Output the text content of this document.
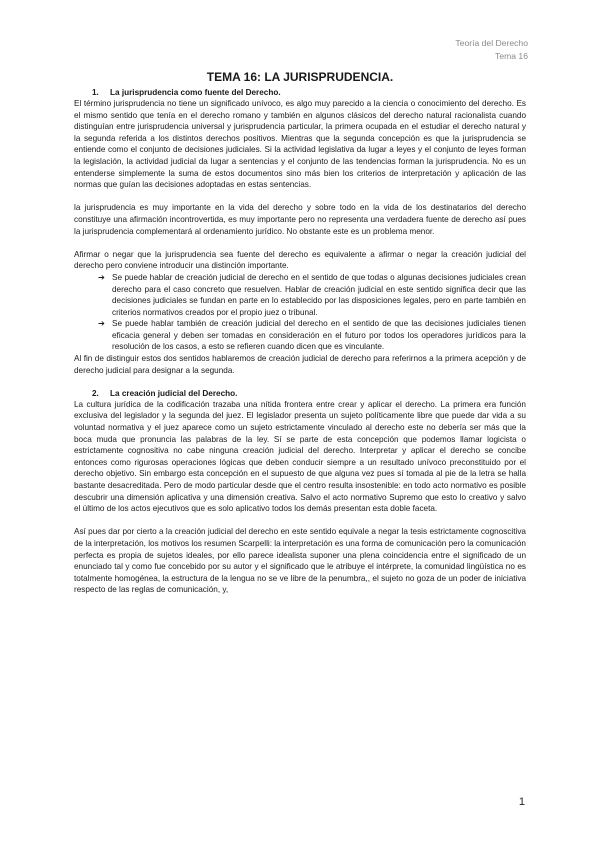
Teoría del Derecho
Tema 16
TEMA 16: LA JURISPRUDENCIA.
1. La jurisprudencia como fuente del Derecho.

El término jurisprudencia no tiene un significado unívoco, es algo muy parecido a la ciencia o conocimiento del derecho. Es el mismo sentido que tenía en el derecho romano y también en algunos clásicos del derecho natural racionalista cuando distinguían entre jurisprudencia universal y jurisprudencia particular, la primera ocupada en el estudiar el derecho natural y la segunda referida a los distintos derechos positivos. Mientras que la segunda concepción es que la jurisprudencia se entiende como el conjunto de decisiones judiciales. Si la actividad legislativa da lugar a leyes y el conjunto de leyes forman la legislación, la actividad judicial da lugar a sentencias y el conjunto de las tendencias forman la jurisprudencia. No es un entenderse simplemente la suma de estos documentos sino más bien los criterios de interpretación y aplicación de las normas que guían las decisiones adoptadas en estas sentencias.

la jurisprudencia es muy importante en la vida del derecho y sobre todo en la vida de los destinatarios del derecho constituye una afirmación incontrovertida, es muy importante pero no representa una verdadera fuente de derecho así pues la jurisprudencia complementará al ordenamiento jurídico. No obstante este es un problema menor.

Afirmar o negar que la jurisprudencia sea fuente del derecho es equivalente a afirmar o negar la creación judicial del derecho pero conviene introducir una distinción importante.

➔ Se puede hablar de creación judicial de derecho en el sentido de que todas o algunas decisiones judiciales crean derecho para el caso concreto que resuelven. Hablar de creación judicial en este sentido significa decir que las decisiones judiciales se fundan en parte en lo establecido por las disposiciones legales, pero en parte también en criterios normativos creados por el propio juez o tribunal.
➔ Se puede hablar también de creación judicial del derecho en el sentido de que las decisiones judiciales tienen eficacia general y deben ser tomadas en consideración en el futuro por todos los operadores jurídicos para la resolución de los casos, a esto se refieren cuando dicen que es vinculante.

Al fin de distinguir estos dos sentidos hablaremos de creación judicial de derecho para referirnos a la primera acepción y de derecho judicial para designar a la segunda.

2. La creación judicial del Derecho.

La cultura jurídica de la codificación trazaba una nítida frontera entre crear y aplicar el derecho. La primera era función exclusiva del legislador y la segunda del juez. El legislador presenta un sujeto políticamente libre que puede dar vida a su voluntad normativa y el juez aparece como un sujeto estrictamente vinculado al derecho este no debería ser más que la boca muda que pronuncia las palabras de la ley. Sí se parte de esta concepción que podemos llamar logicista o estrictamente cognositiva no cabe ninguna creación judicial del derecho. Interpretar y aplicar el derecho se concibe entonces como rigurosas operaciones lógicas que deben conducir siempre a un resultado unívoco preconstituido por el derecho objetivo. Sin embargo esta concepción en el supuesto de que alguna vez pues sí tomada al pie de la letra se halla bastante desacreditada. Pero de modo particular desde que el centro resulta insostenible: en todo acto normativo es posible descubrir una dimensión aplicativa y una dimensión creativa. Salvo el acto normativo Supremo que esto lo creativo y salvo el último de los actos ejecutivos que es solo aplicativo todos los demás presentan esta doble faceta.

Así pues dar por cierto a la creación judicial del derecho en este sentido equivale a negar la tesis estrictamente cognoscitiva de la interpretación, los motivos los resumen Scarpelli: la interpretación es una forma de comunicación pero la comunicación perfecta es propia de sujetos ideales, por ello parece idealista suponer una plena coincidencia entre el significado de un enunciado tal y como fue concebido por su autor y el significado que le atribuye el intérprete, la comunidad lingüística no es totalmente homogénea, la estructura de la lengua no se ve libre de la penumbra,, el sujeto no goza de un poder de iniciativa respecto de las reglas de comunicación, y,

1
